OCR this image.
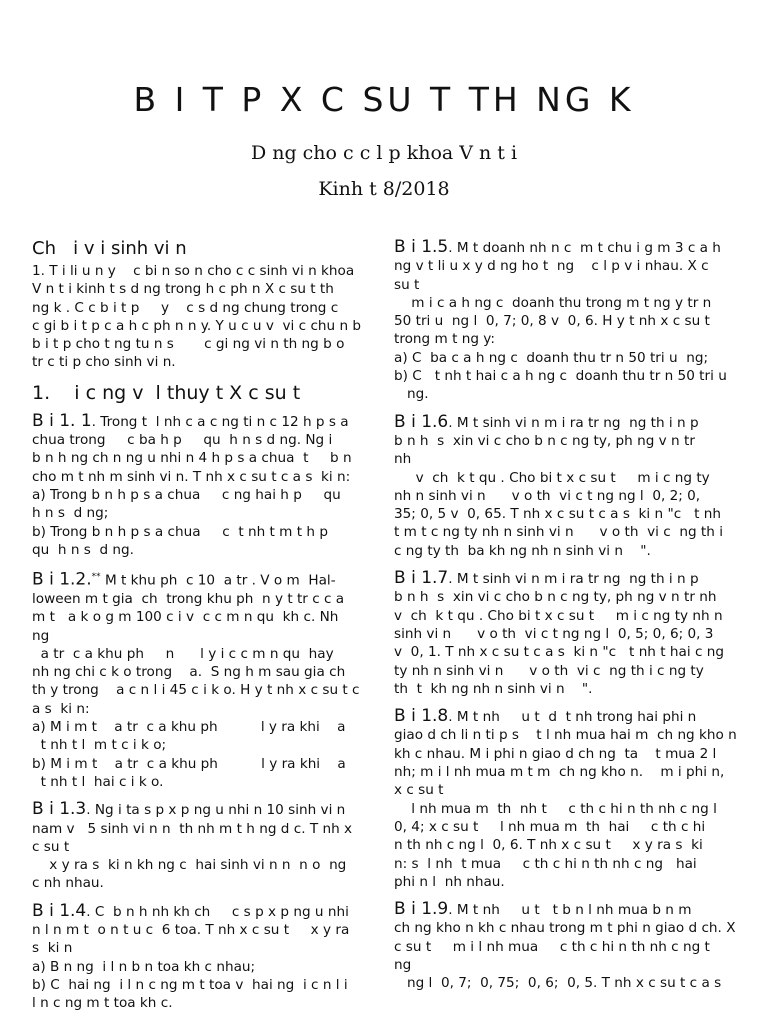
B I T P X C SU T TH NG K
D ng cho c c l p khoa V n t i
Kinh t 8/2018
Ch   i v i sinh vi n
1. T i li u n y    c bi n so n cho c c sinh vi n khoa
V n t i kinh t s d ng trong h c ph n X c su t th
ng k . C c b i t p     y    c s d ng chung trong c
c gi b i t p c a h c ph n n y. Y u c u v  vi c chu n b
b i t p cho t ng tu n s       c gi ng vi n th ng b o
tr c ti p cho sinh vi n.
1.    i c ng v  l thuy t X c su t
B i 1. 1. Trong t  l nh c a c ng ti n c 12 h p s a
chua trong     c ba h p     qu  h n s d ng. Ng i
b n h ng ch n ng u nhi n 4 h p s a chua  t     b n
cho m t nh m sinh vi n. T nh x c su t c a s  ki n:
a) Trong b n h p s a chua     c ng hai h p     qu
h n s  d ng;
b) Trong b n h p s a chua     c  t nh t m t h p
qu  h n s  d ng.
B i 1.2.** M t khu ph  c 10  a tr . V o m  Hal-
loween m t gia  ch  trong khu ph  n y t tr c c a
m t   a k o g m 100 c i v  c c m n qu  kh c. Nh
ng
a tr  c a khu ph     n      l y i c c m n qu  hay
nh ng chi c k o trong    a.  S ng h m sau gia ch
th y trong    a c n l i 45 c i k o. H y t nh x c su t c
a s  ki n:
a) M i m t    a tr  c a khu ph          l y ra khi    a
t nh t l  m t c i k o;
b) M i m t    a tr  c a khu ph          l y ra khi    a
t nh t l  hai c i k o.
B i 1.3. Ng i ta s p x p ng u nhi n 10 sinh vi n
nam v   5 sinh vi n n  th nh m t h ng d c. T nh x
c su t
x y ra s  ki n kh ng c  hai sinh vi n n  n o  ng
c nh nhau.
B i 1.4. C  b n h nh kh ch     c s p x p ng u nhi
n l n m t  o n t u c  6 toa. T nh x c su t     x y ra
s  ki n
a) B n ng  i l n b n toa kh c nhau;
b) C  hai ng  i l n c ng m t toa v  hai ng  i c n l i
l n c ng m t toa kh c.
B i 1.5. M t doanh nh n c  m t chu i g m 3 c a h
ng v t li u x y d ng ho t  ng    c l p v i nhau. X c
su t
m i c a h ng c  doanh thu trong m t ng y tr n
50 tri u  ng l  0, 7; 0, 8 v  0, 6. H y t nh x c su t
trong m t ng y:
a) C  ba c a h ng c  doanh thu tr n 50 tri u  ng;
b) C   t nh t hai c a h ng c  doanh thu tr n 50 tri u
ng.
B i 1.6. M t sinh vi n m i ra tr ng  ng th i n p
b n h  s  xin vi c cho b n c ng ty, ph ng v n tr
nh
v  ch  k t qu . Cho bi t x c su t     m i c ng ty
nh n sinh vi n      v o th  vi c t ng ng l  0, 2; 0,
35; 0, 5 v  0, 65. T nh x c su t c a s  ki n "c   t nh
t m t c ng ty nh n sinh vi n      v o th  vi c  ng th i
c ng ty th  ba kh ng nh n sinh vi n    ".
B i 1.7. M t sinh vi n m i ra tr ng  ng th i n p
b n h  s  xin vi c cho b n c ng ty, ph ng v n tr nh
v  ch  k t qu . Cho bi t x c su t     m i c ng ty nh n
sinh vi n      v o th  vi c t ng ng l  0, 5; 0, 6; 0, 3
v  0, 1. T nh x c su t c a s  ki n "c   t nh t hai c ng
ty nh n sinh vi n      v o th  vi c  ng th i c ng ty
th  t  kh ng nh n sinh vi n    ".
B i 1.8. M t nh     u t  d  t nh trong hai phi n
giao d ch li n ti p s    t l nh mua hai m  ch ng kho n
kh c nhau. M i phi n giao d ch ng  ta    t mua 2 l
nh; m i l nh mua m t m  ch ng kho n.    m i phi n,
x c su t
l nh mua m  th  nh t     c th c hi n th nh c ng l
0, 4; x c su t     l nh mua m  th  hai     c th c hi
n th nh c ng l  0, 6. T nh x c su t     x y ra s  ki
n: s  l nh  t mua     c th c hi n th nh c ng   hai
phi n l  nh nhau.
B i 1.9. M t nh     u t   t b n l nh mua b n m
ch ng kho n kh c nhau trong m t phi n giao d ch. X
c su t     m i l nh mua     c th c hi n th nh c ng t
ng
ng l  0, 7;  0, 75;  0, 6;  0, 5. T nh x c su t c a s
